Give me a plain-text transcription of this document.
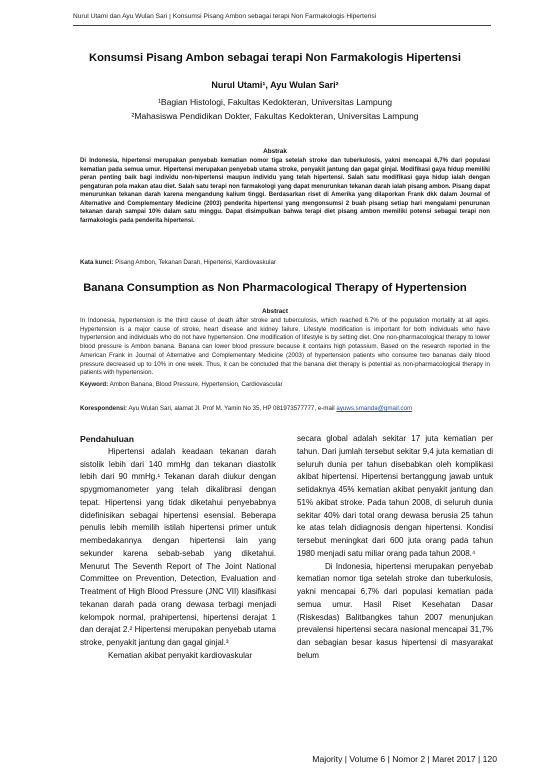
Nurul Utami dan Ayu Wulan Sari | Konsumsi Pisang Ambon sebagai terapi Non Farmakologis Hipertensi
Konsumsi Pisang Ambon sebagai terapi Non Farmakologis Hipertensi
Nurul Utami¹, Ayu Wulan Sari²
¹Bagian Histologi, Fakultas Kedokteran, Universitas Lampung
²Mahasiswa Pendidikan Dokter, Fakultas Kedokteran, Universitas Lampung
Abstrak
Di Indonesia, hipertensi merupakan penyebab kematian nomor tiga setelah stroke dan tuberkulosis, yakni mencapai 6,7% dari populasi kematian pada semua umur. Hipertensi merupakan penyebab utama stroke, penyakit jantung dan gagal ginjal. Modifikasi gaya hidup memiliki peran penting baik bagi individu non-hipertensi maupun individu yang telah hipertensi. Salah satu modifikasi gaya hidup ialah dengan pengaturan pola makan atau diet. Salah satu terapi non farmakologi yang dapat menurunkan tekanan darah ialah pisang ambon. Pisang dapat menurunkan tekanan darah karena mengandung kalium tinggi. Berdasarkan riset di Amerika yang dilaporkan Frank dkk dalam Journal of Alternative and Complementary Medicine (2003) penderita hipertensi yang mengonsumsi 2 buah pisang setiap hari mengalami penurunan tekanan darah sampai 10% dalam satu minggu. Dapat disimpulkan bahwa terapi diet pisang ambon memiliki potensi sebagai terapi non farmakologis pada penderita hipertensi.
Kata kunci: Pisang Ambon, Tekanan Darah, Hipertensi, Kardiovaskular
Banana Consumption as Non Pharmacological Therapy of Hypertension
Abstract
In Indonesia, hypertension is the third cause of death after stroke and tuberculosis, which reached 6.7% of the population mortality at all ages. Hypertension is a major cause of stroke, heart disease and kidney failure. Lifestyle modification is important for both individuals who have hypertension and individuals who do not have hypertension. One modification of lifestyle is by setting diet. One non-pharmacological therapy to lower blood pressure is Ambon banana. Banana can lower blood pressure because it contains high potassium. Based on the research reported in the American Frank in Journal of Alternative and Complementary Medicine (2003) of hypertension patients who consume two bananas daily blood pressure decreased up to 10% in one week. Thus, it can be concluded that the banana diet therapy is potential as non-pharmacological therapy in patients with hypertension.
Keyword: Ambon Banana, Blood Pressure, Hypertension, Cardiovascular
Korespondensi: Ayu Wulan Sari, alamat Jl. Prof M. Yamin No 35, HP 081973577777, e-mail ayuws.smanda@gmail.com

Pendahuluan

Hipertensi adalah keadaan tekanan darah sistolik lebih dari 140 mmHg dan tekanan diastolik lebih dari 90 mmHg.¹ Tekanan darah diukur dengan spygmomanometer yang telah dikalibrasi dengan tepat. Hipertensi yang tidak diketahui penyebabnya didefinisikan sebagai hipertensi esensial. Beberapa penulis lebih memilih istilah hipertensi primer untuk membedakannya dengan hipertensi lain yang sekunder karena sebab-sebab yang diketahui. Menurut The Seventh Report of The Joint National Committee on Prevention, Detection, Evaluation and Treatment of High Blood Pressure (JNC VII) klasifikasi tekanan darah pada orang dewasa terbagi menjadi kelompok normal, prahipertensi, hipertensi derajat 1 dan derajat 2.² Hipertensi merupakan penyebab utama stroke, penyakit jantung dan gagal ginjal.³

Kematian akibat penyakit kardiovaskular

secara global adalah sekitar 17 juta kematian per tahun. Dari jumlah tersebut sekitar 9,4 juta kematian di seluruh dunia per tahun disebabkan oleh komplikasi akibat hipertensi. Hipertensi bertanggung jawab untuk setidaknya 45% kematian akibat penyakit jantung dan 51% akibat stroke. Pada tahun 2008, di seluruh dunia sekitar 40% dari total orang dewasa berusia 25 tahun ke atas telah didiagnosis dengan hipertensi. Kondisi tersebut meningkat dari 600 juta orang pada tahun 1980 menjadi satu miliar orang pada tahun 2008.⁴

Di Indonesia, hipertensi merupakan penyebab kematian nomor tiga setelah stroke dan tuberkulosis, yakni mencapai 6,7% dari populasi kematian pada semua umur. Hasil Riset Kesehatan Dasar (Riskesdas) Balitbangkes tahun 2007 menunjukan prevalensi hipertensi secara nasional mencapai 31,7% dan sebagian besar kasus hipertensi di masyarakat belum

Majority | Volume 6 | Nomor 2 | Maret 2017 | 120
